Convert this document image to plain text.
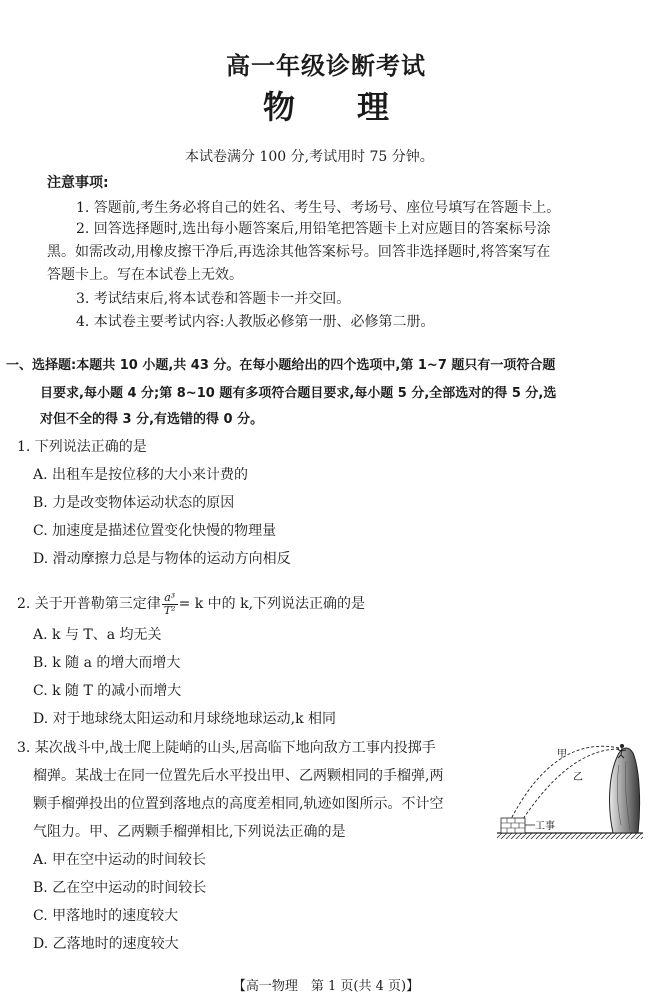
高一年级诊断考试
物理
本试卷满分 100 分,考试用时 75 分钟。
注意事项:
1. 答题前,考生务必将自己的姓名、考生号、考场号、座位号填写在答题卡上。
2. 回答选择题时,选出每小题答案后,用铅笔把答题卡上对应题目的答案标号涂
黑。如需改动,用橡皮擦干净后,再选涂其他答案标号。回答非选择题时,将答案写在
答题卡上。写在本试卷上无效。
3. 考试结束后,将本试卷和答题卡一并交回。
4. 本试卷主要考试内容:人教版必修第一册、必修第二册。
一、选择题:本题共 10 小题,共 43 分。在每小题给出的四个选项中,第 1~7 题只有一项符合题
目要求,每小题 4 分;第 8~10 题有多项符合题目要求,每小题 5 分,全部选对的得 5 分,选
对但不全的得 3 分,有选错的得 0 分。
1. 下列说法正确的是
A. 出租车是按位移的大小来计费的
B. 力是改变物体运动状态的原因
C. 加速度是描述位置变化快慢的物理量
D. 滑动摩擦力总是与物体的运动方向相反
2. 关于开普勒第三定律 $\frac{\text{a³}}{\text{T²}} = k$ 中的 k,下列说法正确的是
A. k 与 T、a 均无关
B. k 随 a 的增大而增大
C. k 随 T 的减小而增大
D. 对于地球绕太阳运动和月球绕地球运动,k 相同
3. 某次战斗中,战士爬上陡峭的山头,居高临下地向敌方工事内投掷手
榴弹。某战士在同一位置先后水平投出甲、乙两颗相同的手榴弹,两
颗手榴弹投出的位置到落地点的高度差相同,轨迹如图所示。不计空
气阻力。甲、乙两颗手榴弹相比,下列说法正确的是
A. 甲在空中运动的时间较长
B. 乙在空中运动的时间较长
C. 甲落地时的速度较大
D. 乙落地时的速度较大
甲
乙
工事
【高一物理　第 1 页(共 4 页)】
